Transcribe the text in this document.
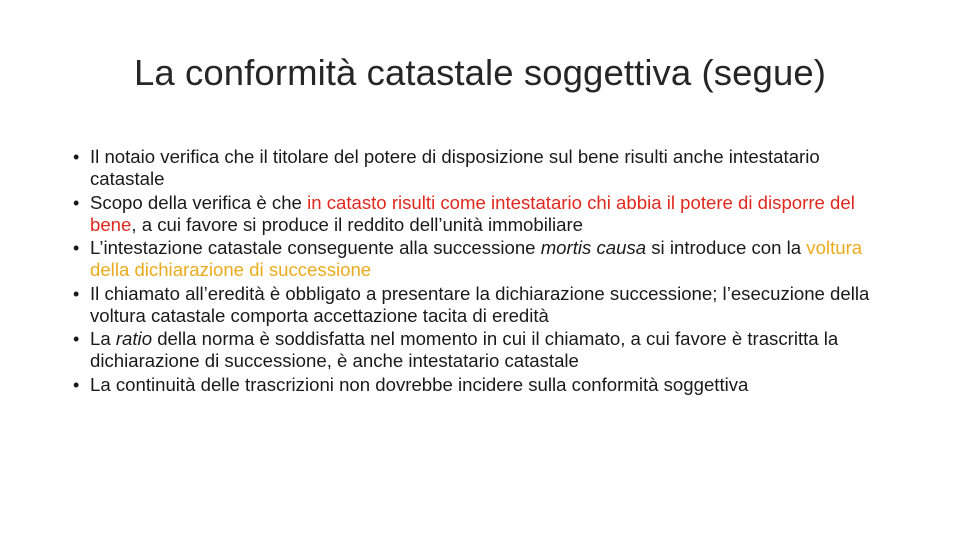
La conformità catastale soggettiva (segue)
• Il notaio verifica che il titolare del potere di disposizione sul bene risulti anche intestatario catastale
• Scopo della verifica è che in catasto risulti come intestatario chi abbia il potere di disporre del bene, a cui favore si produce il reddito dell’unità immobiliare
• L’intestazione catastale conseguente alla successione mortis causa si introduce con la voltura della dichiarazione di successione
• Il chiamato all’eredità è obbligato a presentare la dichiarazione successione; l’esecuzione della voltura catastale comporta accettazione tacita di eredità
• La ratio della norma è soddisfatta nel momento in cui il chiamato, a cui favore è trascritta la dichiarazione di successione, è anche intestatario catastale
• La continuità delle trascrizioni non dovrebbe incidere sulla conformità soggettiva
